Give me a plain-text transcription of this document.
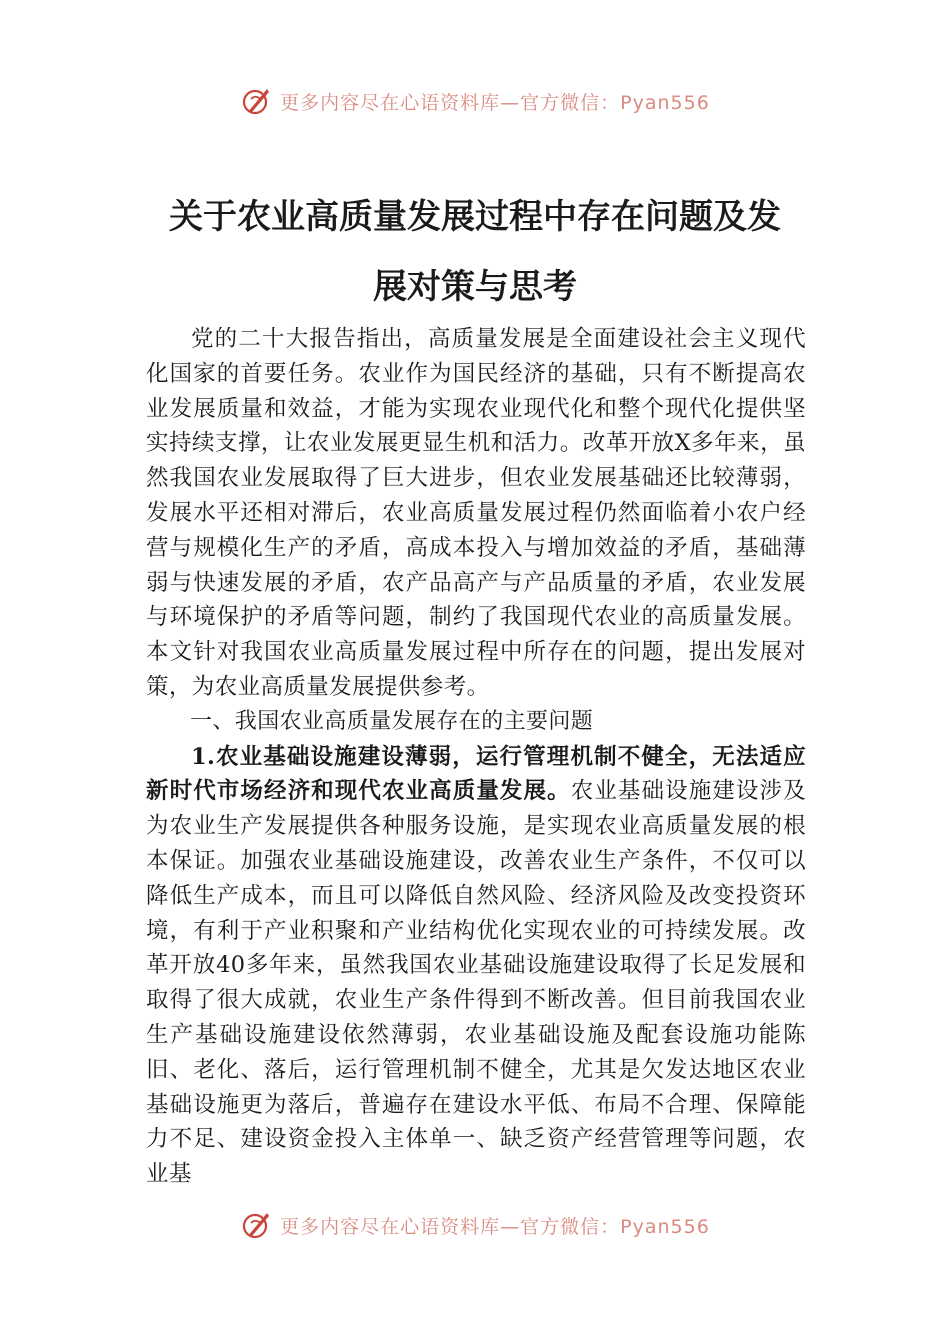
更多内容尽在心语资料库—官方微信：Pyan556
关于农业高质量发展过程中存在问题及发
展对策与思考

党的二十大报告指出，高质量发展是全面建设社会主义现代化国家的首要任务。农业作为国民经济的基础，只有不断提高农业发展质量和效益，才能为实现农业现代化和整个现代化提供坚实持续支撑，让农业发展更显生机和活力。改革开放X多年来，虽然我国农业发展取得了巨大进步，但农业发展基础还比较薄弱，发展水平还相对滞后，农业高质量发展过程仍然面临着小农户经营与规模化生产的矛盾，高成本投入与增加效益的矛盾，基础薄弱与快速发展的矛盾，农产品高产与产品质量的矛盾，农业发展与环境保护的矛盾等问题，制约了我国现代农业的高质量发展。本文针对我国农业高质量发展过程中所存在的问题，提出发展对策，为农业高质量发展提供参考。

一、我国农业高质量发展存在的主要问题

1.农业基础设施建设薄弱，运行管理机制不健全，无法适应新时代市场经济和现代农业高质量发展。农业基础设施建设涉及为农业生产发展提供各种服务设施，是实现农业高质量发展的根本保证。加强农业基础设施建设，改善农业生产条件，不仅可以降低生产成本，而且可以降低自然风险、经济风险及改变投资环境，有利于产业积聚和产业结构优化实现农业的可持续发展。改革开放40多年来，虽然我国农业基础设施建设取得了长足发展和取得了很大成就，农业生产条件得到不断改善。但目前我国农业生产基础设施建设依然薄弱，农业基础设施及配套设施功能陈旧、老化、落后，运行管理机制不健全，尤其是欠发达地区农业基础设施更为落后，普遍存在建设水平低、布局不合理、保障能力不足、建设资金投入主体单一、缺乏资产经营管理等问题，农业基

更多内容尽在心语资料库—官方微信：Pyan556
